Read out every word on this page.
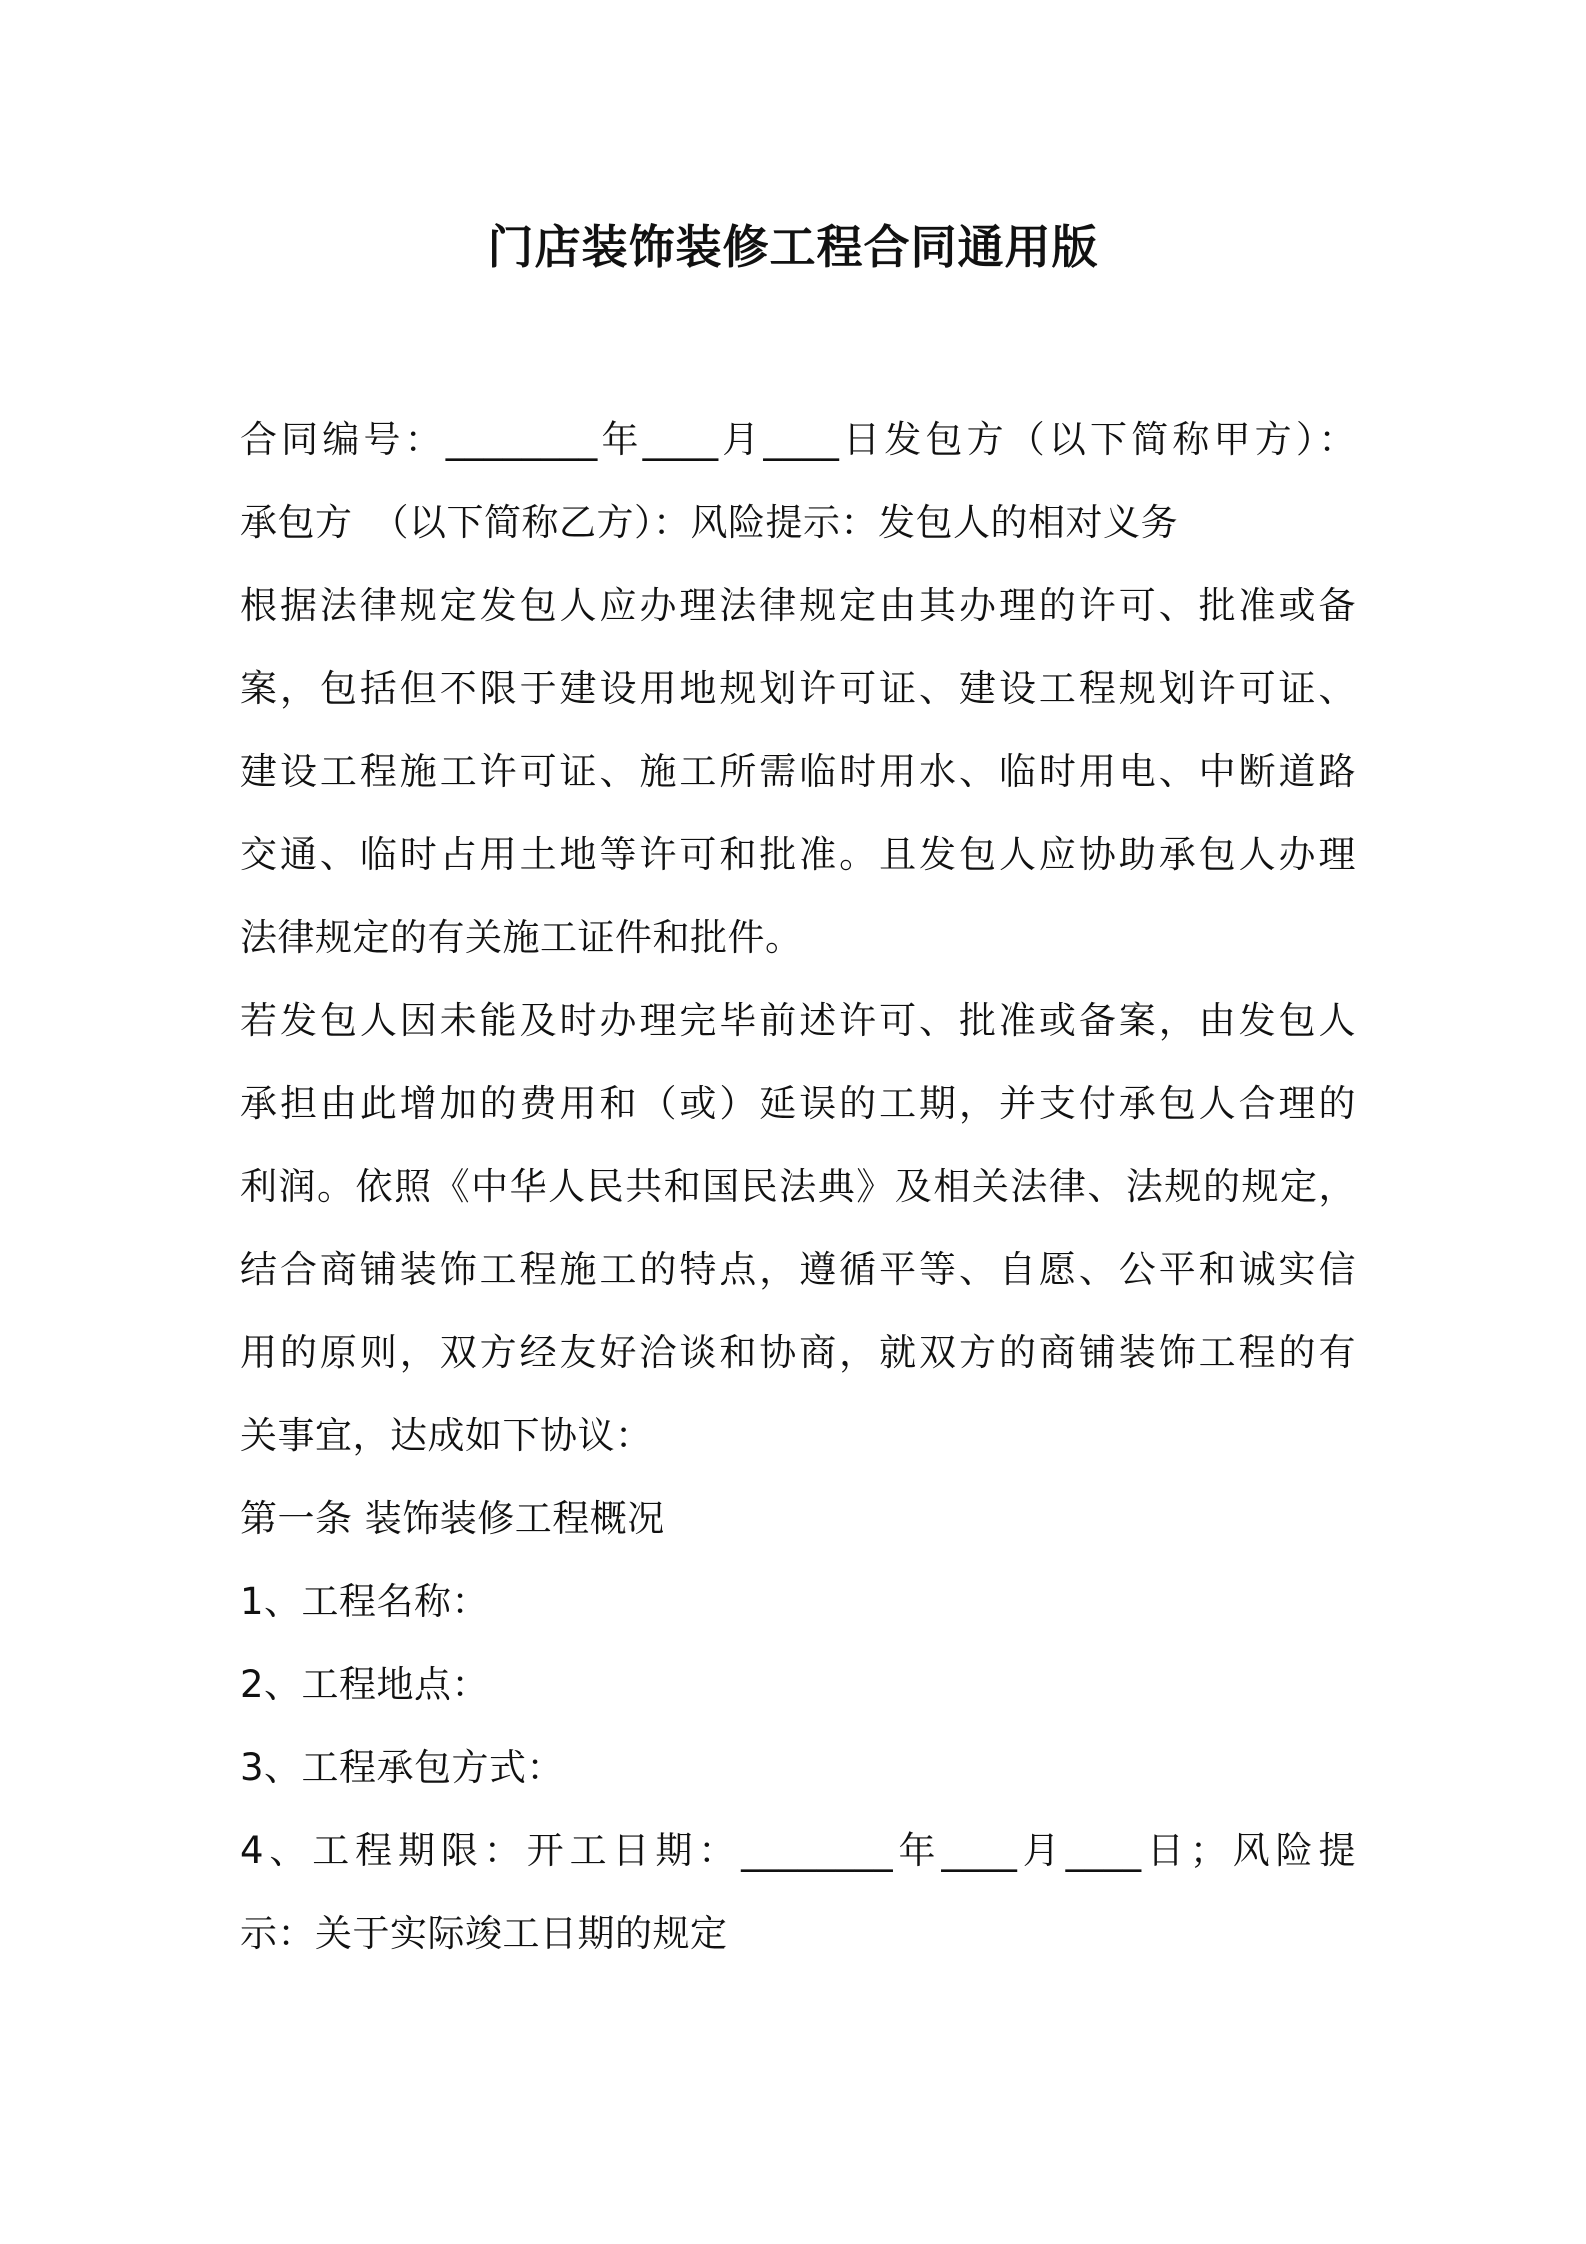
门店装饰装修工程合同通用版
合同编号：________年____月____日发包方（以下简称甲方）：
承包方　（以下简称乙方）：风险提示：发包人的相对义务
根据法律规定发包人应办理法律规定由其办理的许可、批准或备
案，包括但不限于建设用地规划许可证、建设工程规划许可证、
建设工程施工许可证、施工所需临时用水、临时用电、中断道路
交通、临时占用土地等许可和批准。且发包人应协助承包人办理
法律规定的有关施工证件和批件。
若发包人因未能及时办理完毕前述许可、批准或备案，由发包人
承担由此增加的费用和（或）延误的工期，并支付承包人合理的
利润。依照《中华人民共和国民法典》及相关法律、法规的规定，
结合商铺装饰工程施工的特点，遵循平等、自愿、公平和诚实信
用的原则，双方经友好洽谈和协商，就双方的商铺装饰工程的有
关事宜，达成如下协议：
第一条 装饰装修工程概况
1、工程名称：
2、工程地点：
3、工程承包方式：
4、工程期限：开工日期：________年____月____日；风险提
示：关于实际竣工日期的规定
